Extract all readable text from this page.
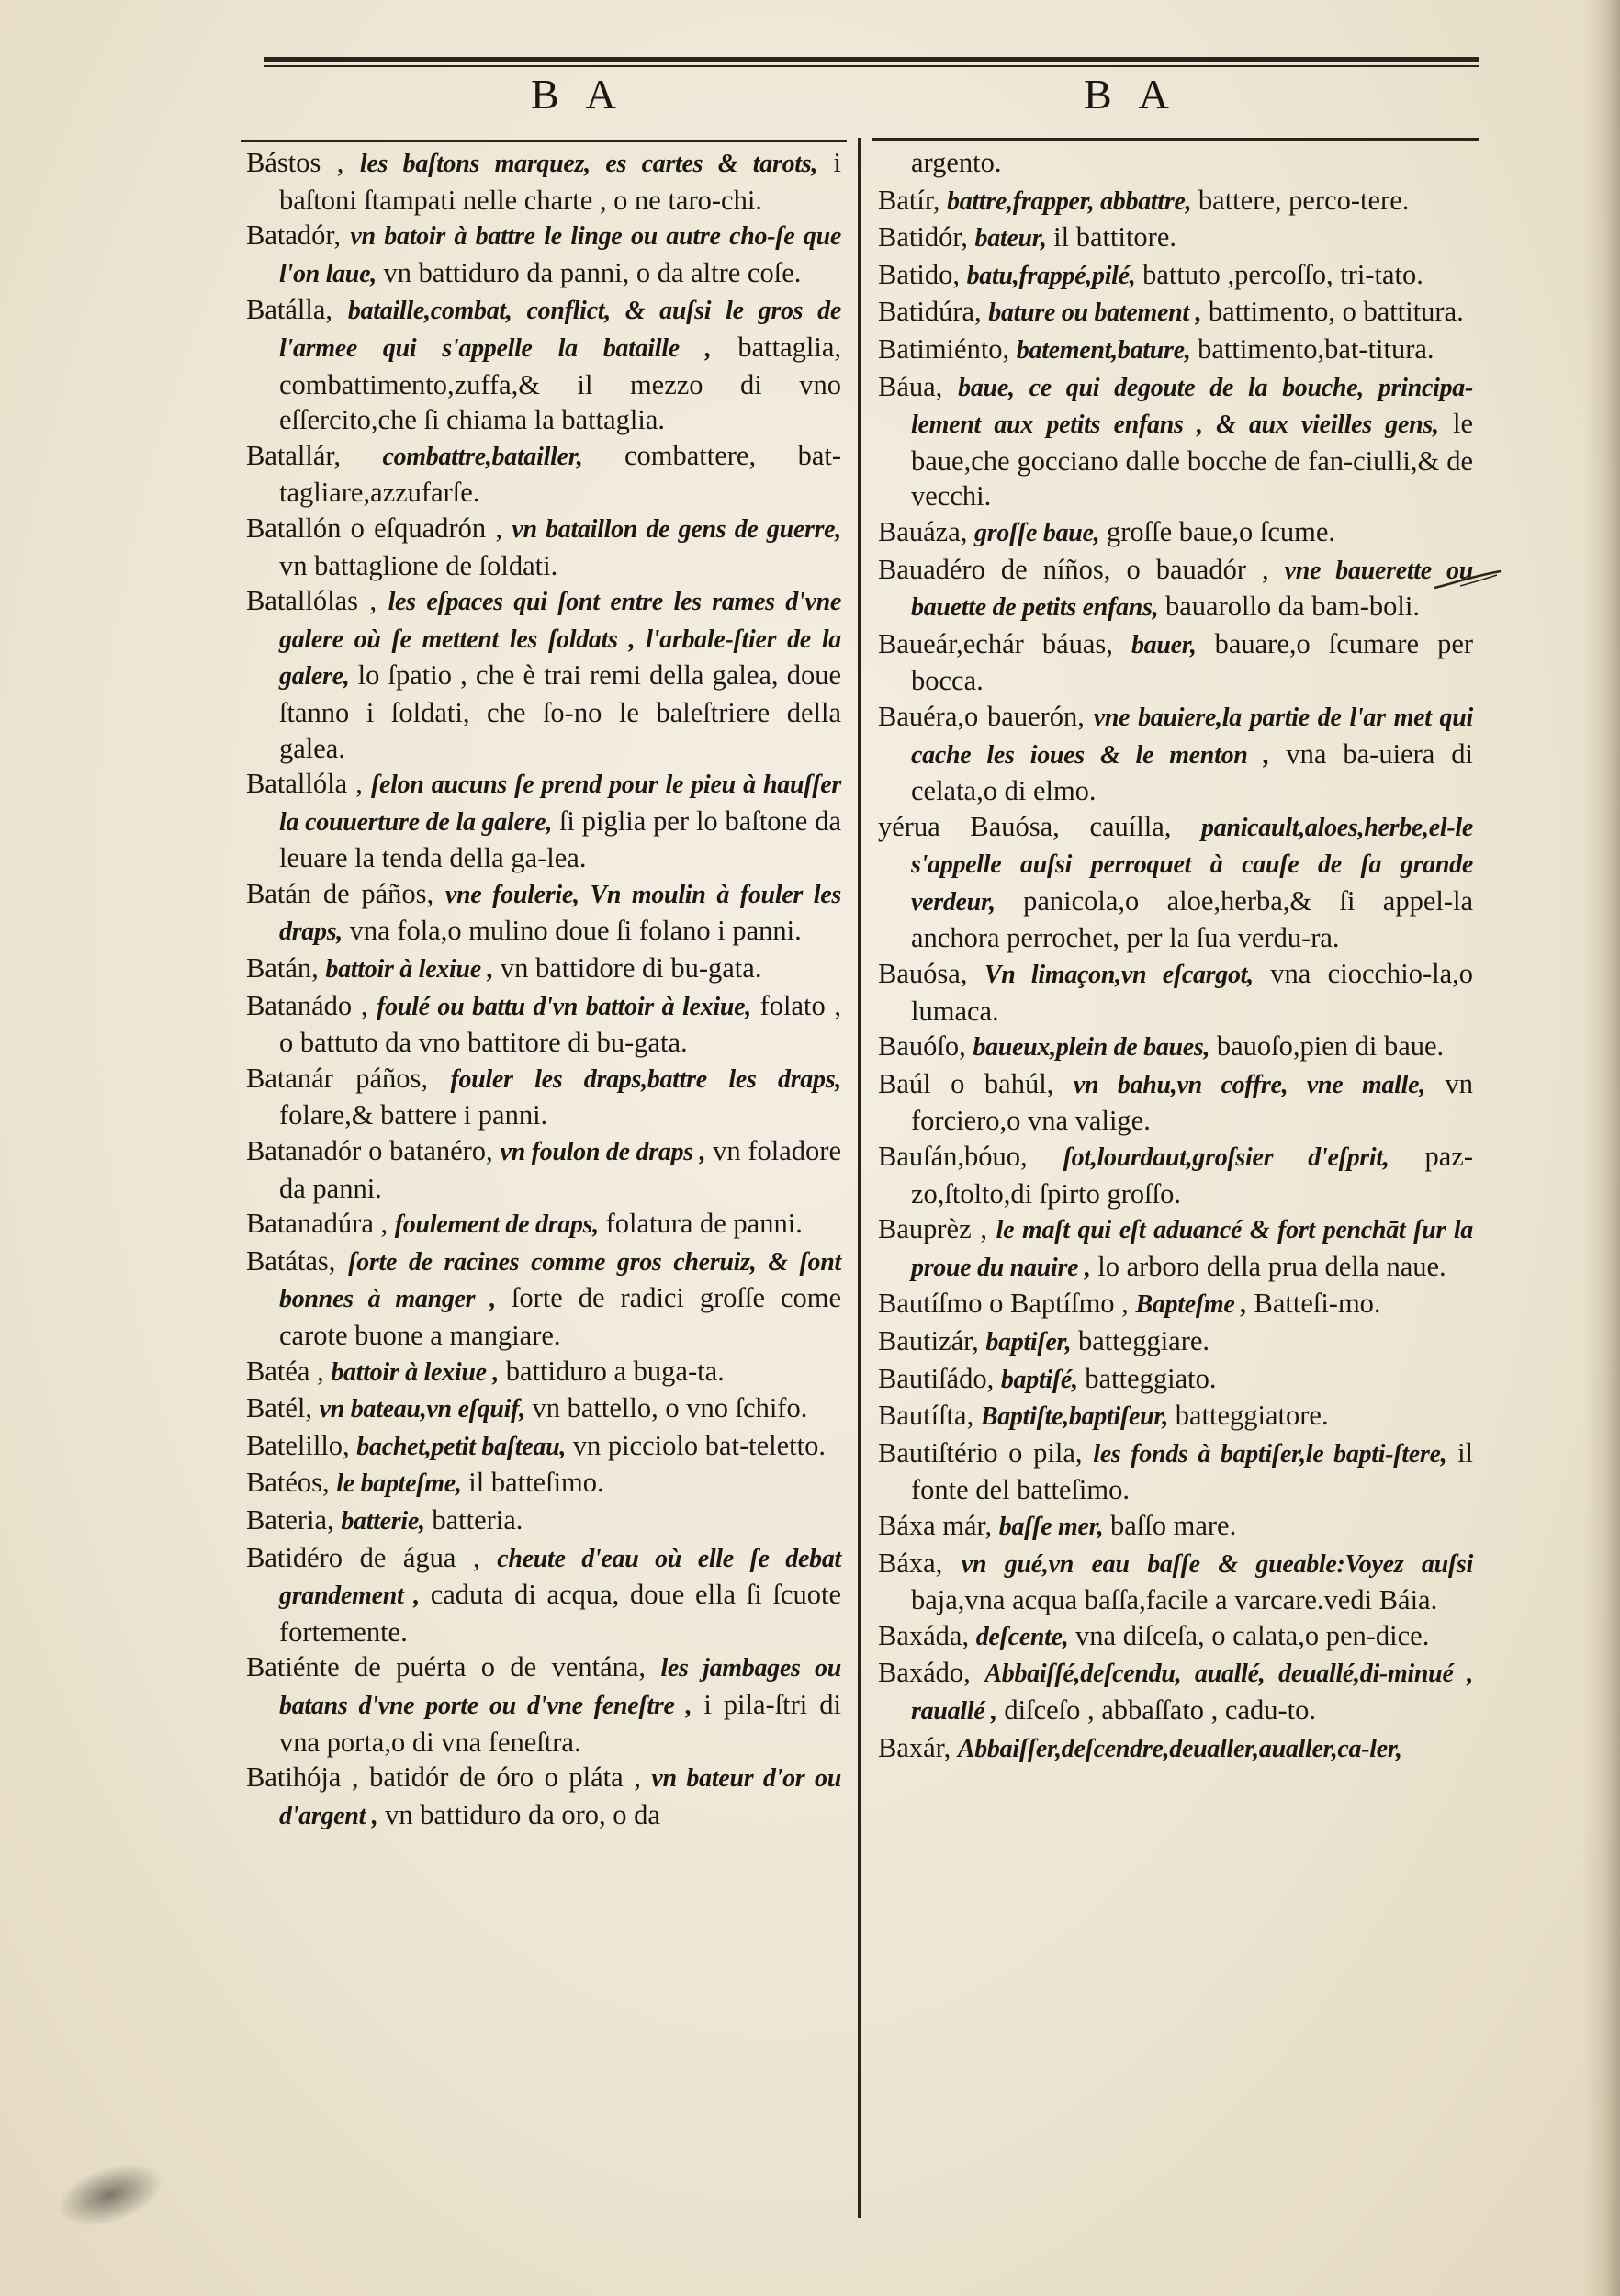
B A	B A
Bástos , les baſtons marquez, es cartes & tarots, i baſtoni ſtampati nelle charte , o ne taro-chi.
Batadór, vn batoir à battre le linge ou autre cho-ſe que l'on laue, vn battiduro da panni, o da altre coſe.
Batálla, bataille,combat, conflict, & auſsi le gros de l'armee qui s'appelle la bataille , battaglia, combattimento,zuffa,& il mezzo di vno eſſercito,che ſi chiama la battaglia.
Batallár, combattre,batailler, combattere, bat-tagliare,azzufarſe.
Batallón o eſquadrón , vn bataillon de gens de guerre, vn battaglione de ſoldati.
Batallólas , les eſpaces qui ſont entre les rames d'vne galere où ſe mettent les ſoldats , l'arbale-ſtier de la galere, lo ſpatio , che è trai remi della galea, doue ſtanno i ſoldati, che ſo-no le baleſtriere della galea.
Batallóla , ſelon aucuns ſe prend pour le pieu à hauſſer la couuerture de la galere, ſi piglia per lo baſtone da leuare la tenda della ga-lea.
Batán de páños, vne foulerie, Vn moulin à fouler les draps, vna fola,o mulino doue ſi folano i panni.
Batán, battoir à lexiue , vn battidore di bu-gata.
Batanádo , foulé ou battu d'vn battoir à lexiue, folato , o battuto da vno battitore di bu-gata.
Batanár páños, fouler les draps,battre les draps, folare,& battere i panni.
Batanadór o batanéro, vn foulon de draps , vn foladore da panni.
Batanadúra , foulement de draps, folatura de panni.
Batátas, ſorte de racines comme gros cheruiz, & ſont bonnes à manger , ſorte de radici groſſe come carote buone a mangiare.
Batéa , battoir à lexiue , battiduro a buga-ta.
Batél, vn bateau,vn eſquif, vn battello, o vno ſchifo.
Batelillo, bachet,petit baſteau, vn picciolo bat-teletto.
Batéos, le bapteſme, il batteſimo.
Bateria, batterie, batteria.
Batidéro de água , cheute d'eau où elle ſe debat grandement , caduta di acqua, doue ella ſi ſcuote fortemente.
Batiénte de puérta o de ventána, les jambages ou batans d'vne porte ou d'vne feneſtre , i pila-ſtri di vna porta,o di vna feneſtra.
Batihója , batidór de óro o pláta , vn bateur d'or ou d'argent , vn battiduro da oro, o da
argento.
Batír, battre,frapper, abbattre, battere, perco-tere.
Batidór, bateur, il battitore.
Batido, batu,frappé,pilé, battuto ,percoſſo, tri-tato.
Batidúra, bature ou batement , battimento, o battitura.
Batimiénto, batement,bature, battimento,bat-titura.
Báua, baue, ce qui degoute de la bouche, principa-lement aux petits enfans , & aux vieilles gens, le baue,che gocciano dalle bocche de fan-ciulli,& de vecchi.
Bauáza, groſſe baue, groſſe baue,o ſcume.
Bauadéro de níños, o bauadór , vne bauerette ou bauette de petits enfans, bauarollo da bam-boli.
Baueár,echár báuas, bauer, bauare,o ſcumare per bocca.
Bauéra,o bauerón, vne bauiere,la partie de l'ar met qui cache les ioues & le menton , vna ba-uiera di celata,o di elmo.
yérua Bauósa, cauílla, panicault,aloes,herbe,el-le s'appelle auſsi perroquet à cauſe de ſa grande verdeur, panicola,o aloe,herba,& ſi appel-la anchora perrochet, per la ſua verdu-ra.
Bauósa, Vn limaçon,vn eſcargot, vna ciocchio-la,o lumaca.
Bauóſo, baueux,plein de baues, bauoſo,pien di baue.
Baúl o bahúl, vn bahu,vn coffre, vne malle, vn forciero,o vna valige.
Bauſán,bóuo, ſot,lourdaut,groſsier d'eſprit, paz-zo,ſtolto,di ſpirto groſſo.
Bauprèz , le maſt qui eſt aduancé & fort penchāt ſur la proue du nauire , lo arboro della prua della naue.
Bautíſmo o Baptíſmo , Bapteſme , Batteſi-mo.
Bautizár, baptiſer, batteggiare.
Bautiſádo, baptiſé, batteggiato.
Bautíſta, Baptiſte,baptiſeur, batteggiatore.
Bautiſtério o pila, les fonds à baptiſer,le bapti-ſtere, il fonte del batteſimo.
Báxa már, baſſe mer, baſſo mare.
Báxa, vn gué,vn eau baſſe & gueable:Voyez auſsi baja,vna acqua baſſa,facile a varcare.vedi Báia.
Baxáda, deſcente, vna diſceſa, o calata,o pen-dice.
Baxádo, Abbaiſſé,deſcendu, auallé, deuallé,di-minué , rauallé , diſceſo , abbaſſato , cadu-to.
Baxár, Abbaiſſer,deſcendre,deualler,aualler,ca-ler,
